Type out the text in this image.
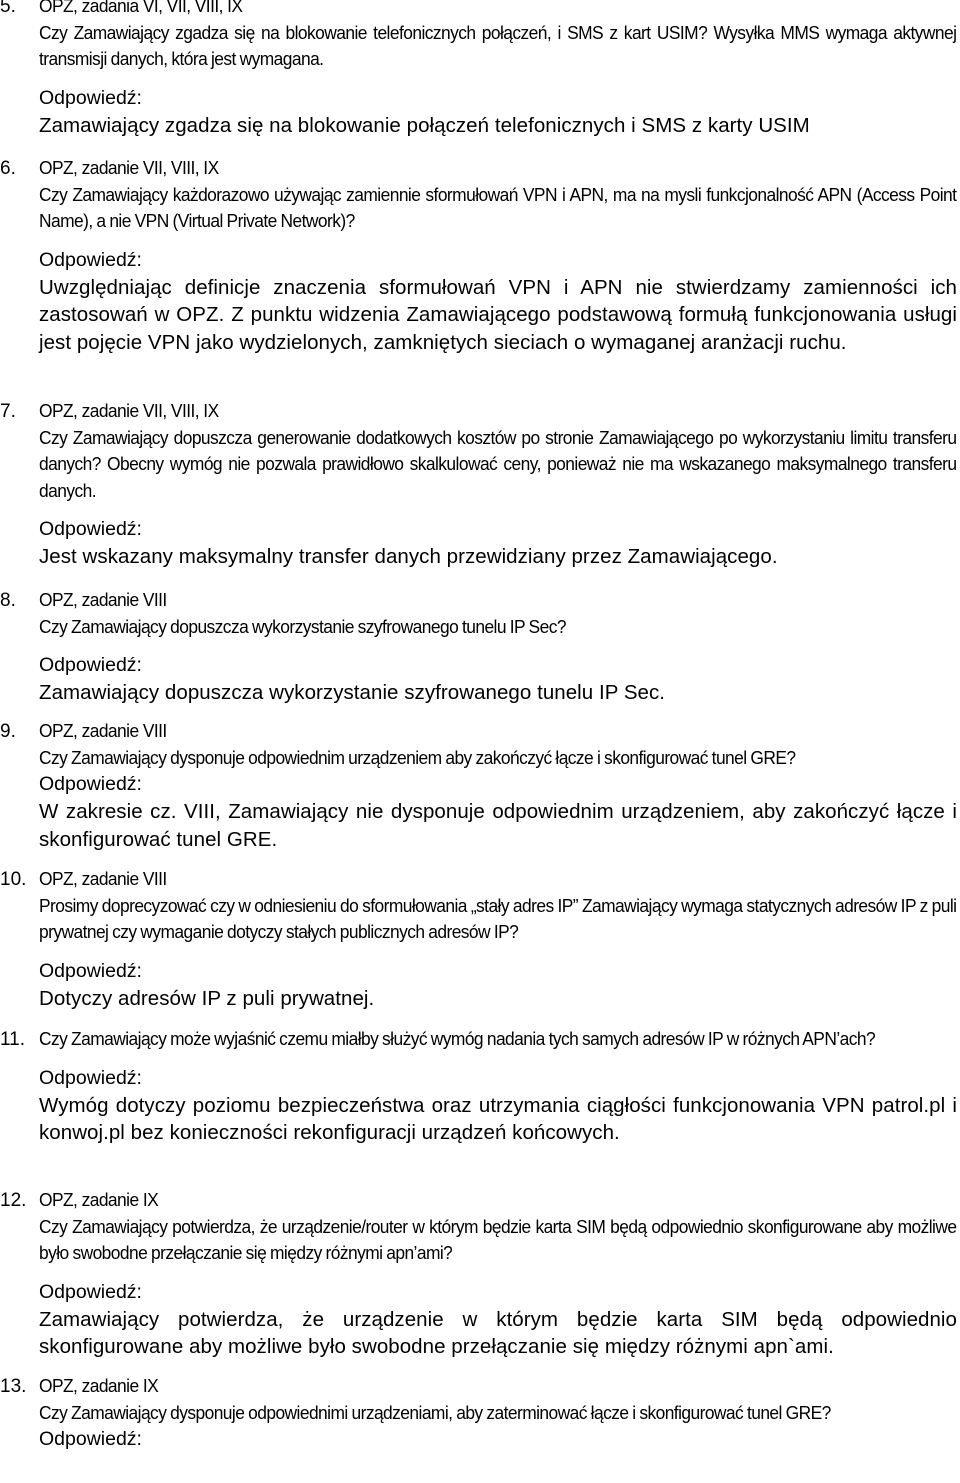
5. OPZ, zadania VI, VII, VIII, IX
Czy Zamawiający zgadza się na blokowanie telefonicznych połączeń, i SMS z kart USIM? Wysyłka MMS wymaga aktywnej transmisji danych, która jest wymagana.
Odpowiedź:
Zamawiający zgadza się na blokowanie połączeń telefonicznych i SMS z karty USIM
6. OPZ, zadanie VII, VIII, IX
Czy Zamawiający każdorazowo używając zamiennie sformułowań VPN i APN, ma na mysli funkcjonalność APN (Access Point Name), a nie VPN (Virtual Private Network)?
Odpowiedź:
Uwzględniając definicje znaczenia sformułowań VPN i APN nie stwierdzamy zamienności ich zastosowań w OPZ. Z punktu widzenia Zamawiającego podstawową formułą funkcjonowania usługi jest pojęcie VPN jako wydzielonych, zamkniętych sieciach o wymaganej aranżacji ruchu.
7. OPZ, zadanie VII, VIII, IX
Czy Zamawiający dopuszcza generowanie dodatkowych kosztów po stronie Zamawiającego po wykorzystaniu limitu transferu danych? Obecny wymóg nie pozwala prawidłowo skalkulować ceny, ponieważ nie ma wskazanego maksymalnego transferu danych.
Odpowiedź:
Jest wskazany maksymalny transfer danych przewidziany przez Zamawiającego.
8. OPZ, zadanie VIII
Czy Zamawiający dopuszcza wykorzystanie szyfrowanego tunelu IP Sec?
Odpowiedź:
Zamawiający dopuszcza wykorzystanie szyfrowanego tunelu IP Sec.
9. OPZ, zadanie VIII
Czy Zamawiający dysponuje odpowiednim urządzeniem aby zakończyć łącze i skonfigurować tunel GRE?
Odpowiedź:
W zakresie cz. VIII, Zamawiający nie dysponuje odpowiednim urządzeniem, aby zakończyć łącze i skonfigurować tunel GRE.
10. OPZ, zadanie VIII
Prosimy doprecyzować czy w odniesieniu do sformułowania „stały adres IP” Zamawiający wymaga statycznych adresów IP z puli prywatnej czy wymaganie dotyczy stałych publicznych adresów IP?
Odpowiedź:
Dotyczy adresów IP z puli prywatnej.
11. Czy Zamawiający może wyjaśnić czemu miałby służyć wymóg nadania tych samych adresów IP w różnych APN’ach?
Odpowiedź:
Wymóg dotyczy poziomu bezpieczeństwa oraz utrzymania ciągłości funkcjonowania VPN patrol.pl i konwoj.pl bez konieczności rekonfiguracji urządzeń końcowych.
12. OPZ, zadanie IX
Czy Zamawiający potwierdza, że urządzenie/router w którym będzie karta SIM będą odpowiednio skonfigurowane aby możliwe było swobodne przełączanie się między różnymi apn’ami?
Odpowiedź:
Zamawiający potwierdza, że urządzenie w którym będzie karta SIM będą odpowiednio skonfigurowane aby możliwe było swobodne przełączanie się między różnymi apn`ami.
13. OPZ, zadanie IX
Czy Zamawiający dysponuje odpowiednimi urządzeniami, aby zaterminować łącze i skonfigurować tunel GRE?
Odpowiedź:
